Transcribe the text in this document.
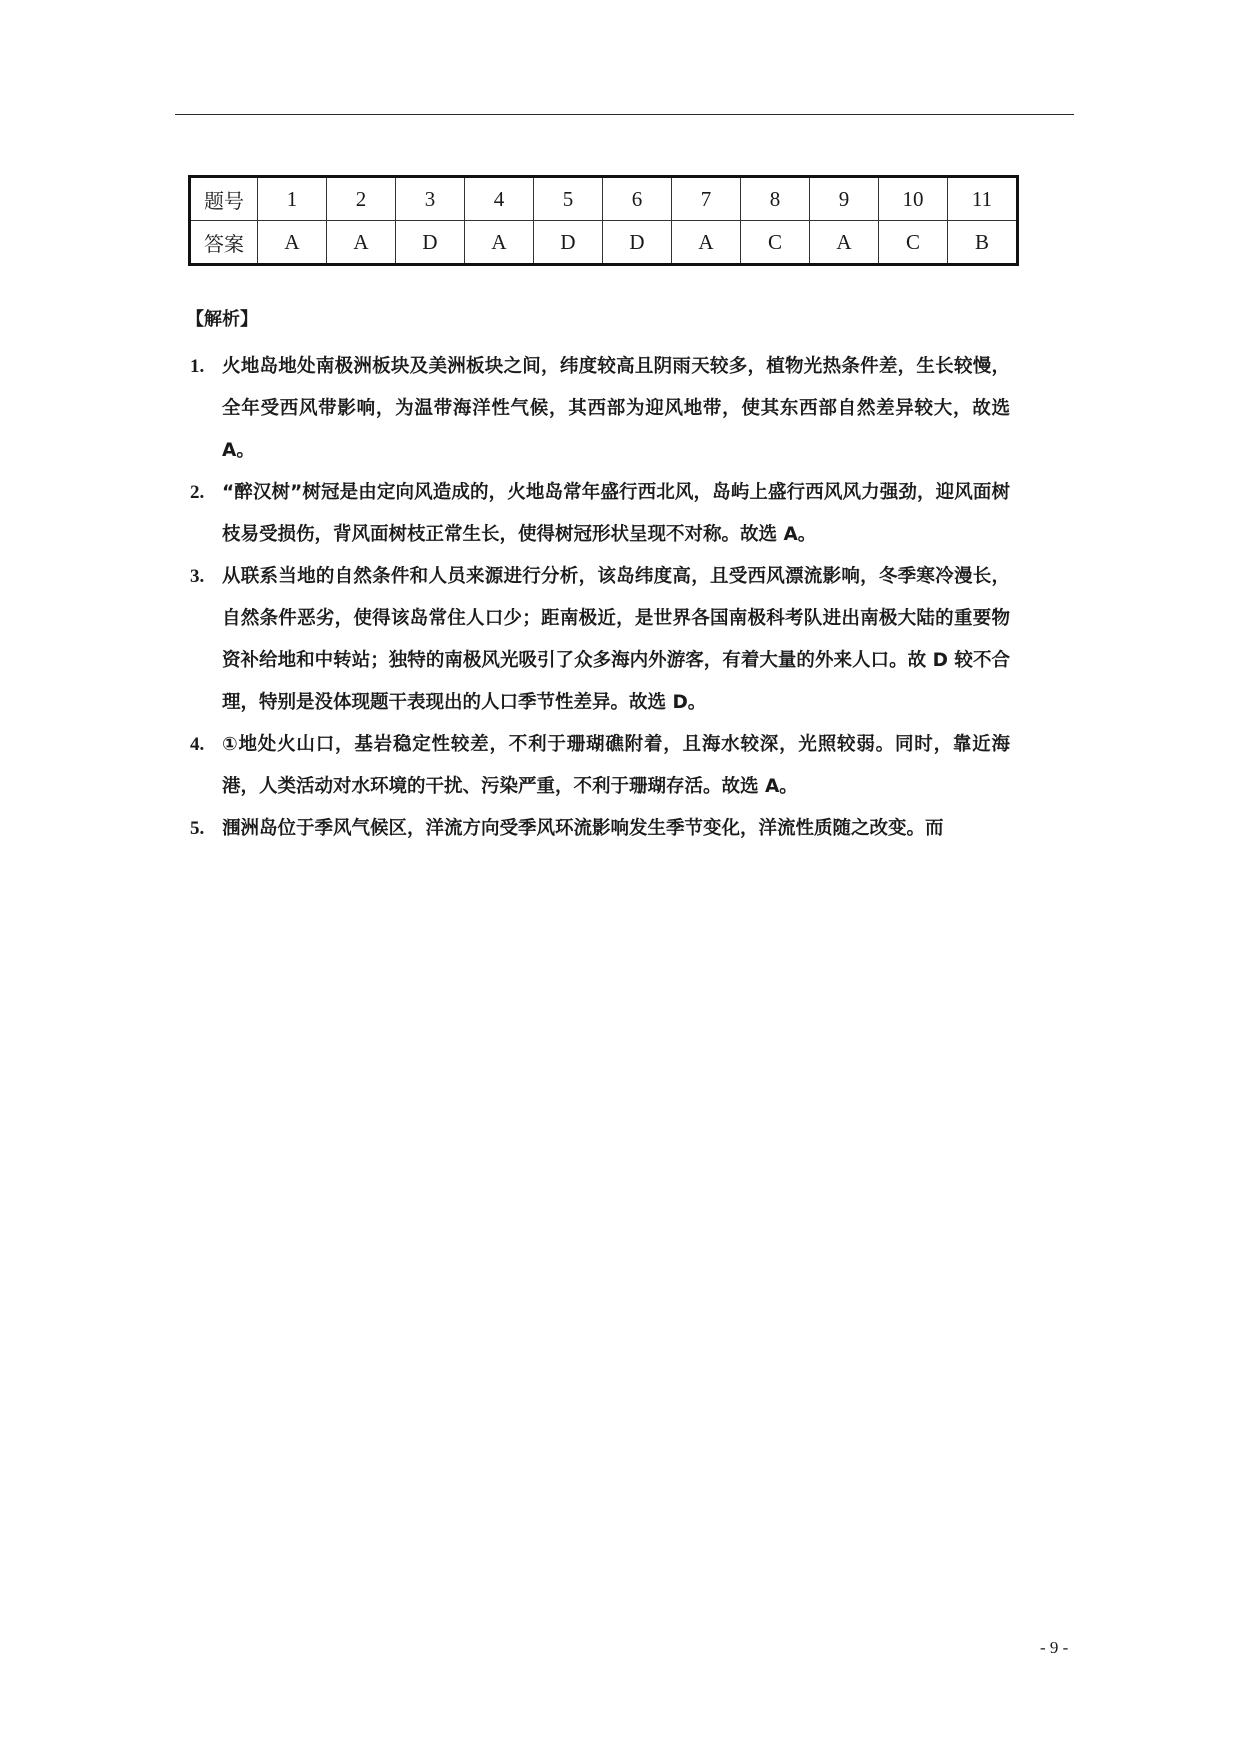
题号	1	2	3	4	5	6	7	8	9	10	11
答案	A	A	D	A	D	D	A	C	A	C	B
【解析】
1. 火地岛地处南极洲板块及美洲板块之间，纬度较高且阴雨天较多，植物光热条件差，生长较慢，全年受西风带影响，为温带海洋性气候，其西部为迎风地带，使其东西部自然差异较大，故选 A。
2. “醉汉树”树冠是由定向风造成的，火地岛常年盛行西北风，岛屿上盛行西风风力强劲，迎风面树枝易受损伤，背风面树枝正常生长，使得树冠形状呈现不对称。故选 A。
3. 从联系当地的自然条件和人员来源进行分析，该岛纬度高，且受西风漂流影响，冬季寒冷漫长，自然条件恶劣，使得该岛常住人口少；距南极近，是世界各国南极科考队进出南极大陆的重要物资补给地和中转站；独特的南极风光吸引了众多海内外游客，有着大量的外来人口。故 D 较不合理，特别是没体现题干表现出的人口季节性差异。故选 D。
4. ①地处火山口，基岩稳定性较差，不利于珊瑚礁附着，且海水较深，光照较弱。同时，靠近海港，人类活动对水环境的干扰、污染严重，不利于珊瑚存活。故选 A。
5. 涠洲岛位于季风气候区，洋流方向受季风环流影响发生季节变化，洋流性质随之改变。而
- 9 -
